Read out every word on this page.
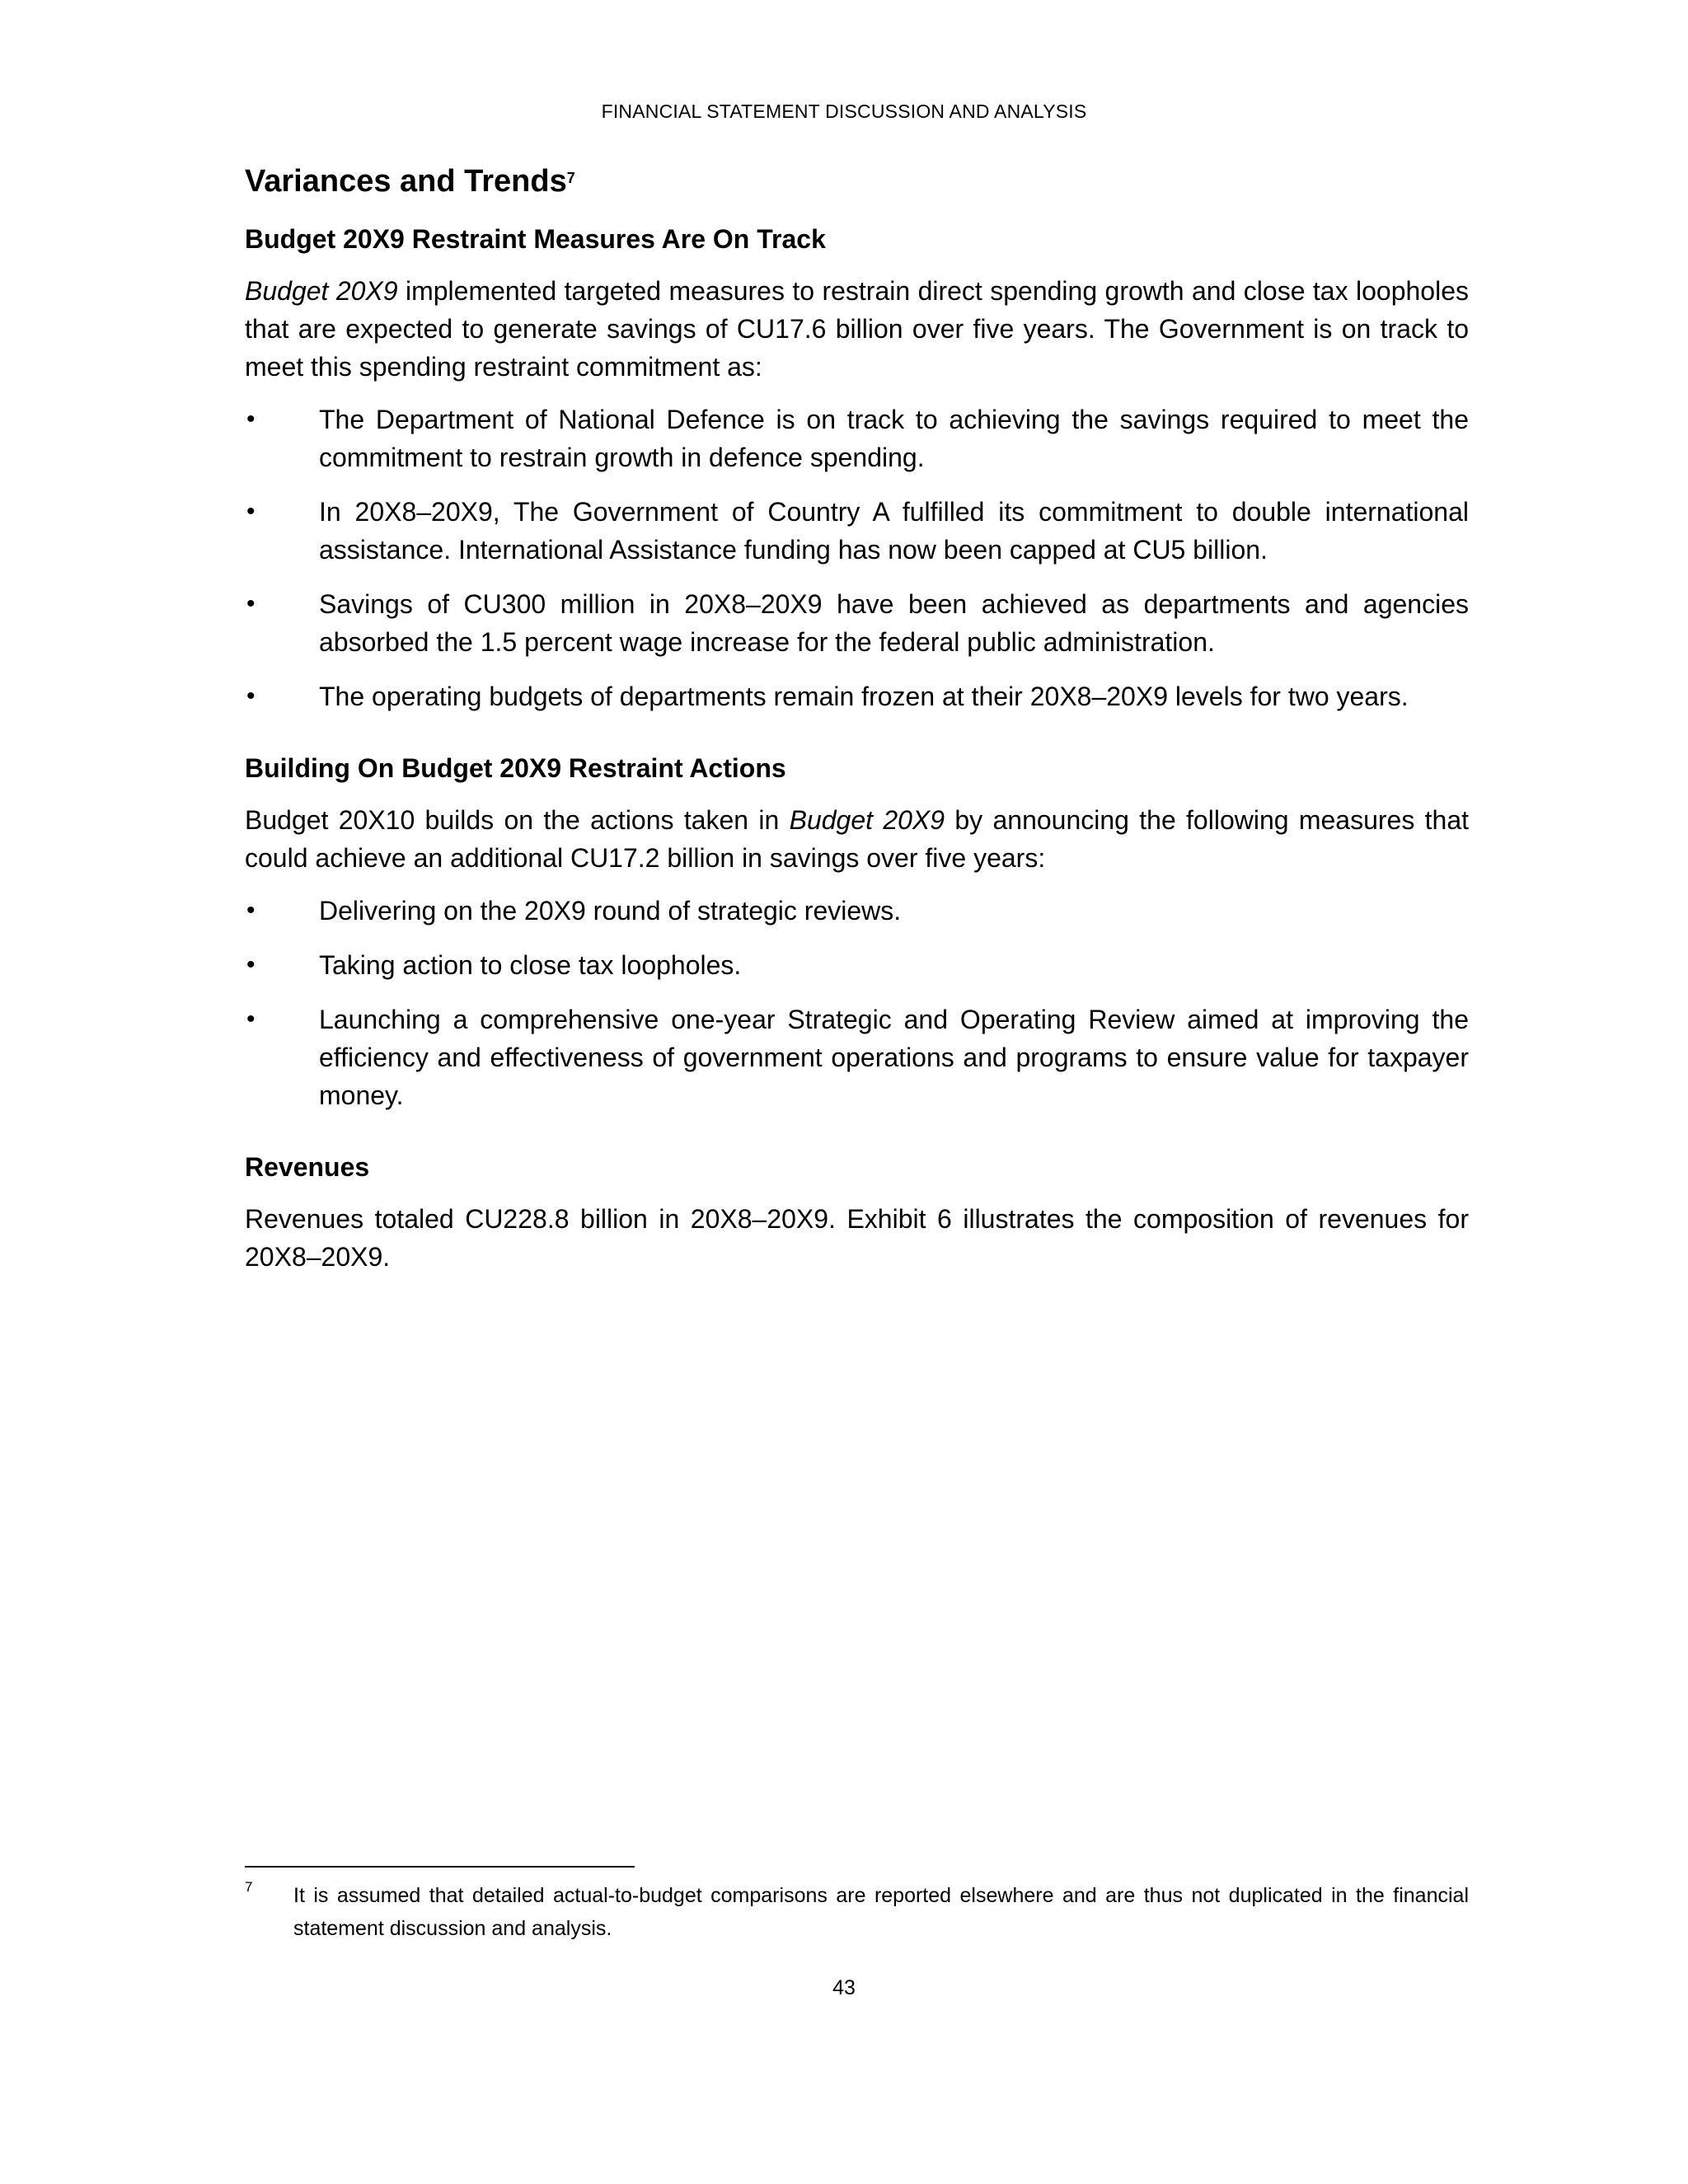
FINANCIAL STATEMENT DISCUSSION AND ANALYSIS
Variances and Trends$^7$
Budget 20X9 Restraint Measures Are On Track

Budget 20X9 implemented targeted measures to restrain direct spending growth and close tax loopholes that are expected to generate savings of CU17.6 billion over five years. The Government is on track to meet this spending restraint commitment as:

• The Department of National Defence is on track to achieving the savings required to meet the commitment to restrain growth in defence spending.
• In 20X8–20X9, The Government of Country A fulfilled its commitment to double international assistance. International Assistance funding has now been capped at CU5 billion.
• Savings of CU300 million in 20X8–20X9 have been achieved as departments and agencies absorbed the 1.5 percent wage increase for the federal public administration.
• The operating budgets of departments remain frozen at their 20X8–20X9 levels for two years.
Building On Budget 20X9 Restraint Actions

Budget 20X10 builds on the actions taken in Budget 20X9 by announcing the following measures that could achieve an additional CU17.2 billion in savings over five years:

• Delivering on the 20X9 round of strategic reviews.
• Taking action to close tax loopholes.
• Launching a comprehensive one-year Strategic and Operating Review aimed at improving the efficiency and effectiveness of government operations and programs to ensure value for taxpayer money.
Revenues

Revenues totaled CU228.8 billion in 20X8–20X9. Exhibit 6 illustrates the composition of revenues for 20X8–20X9.

7 It is assumed that detailed actual-to-budget comparisons are reported elsewhere and are thus not duplicated in the financial statement discussion and analysis.
43
